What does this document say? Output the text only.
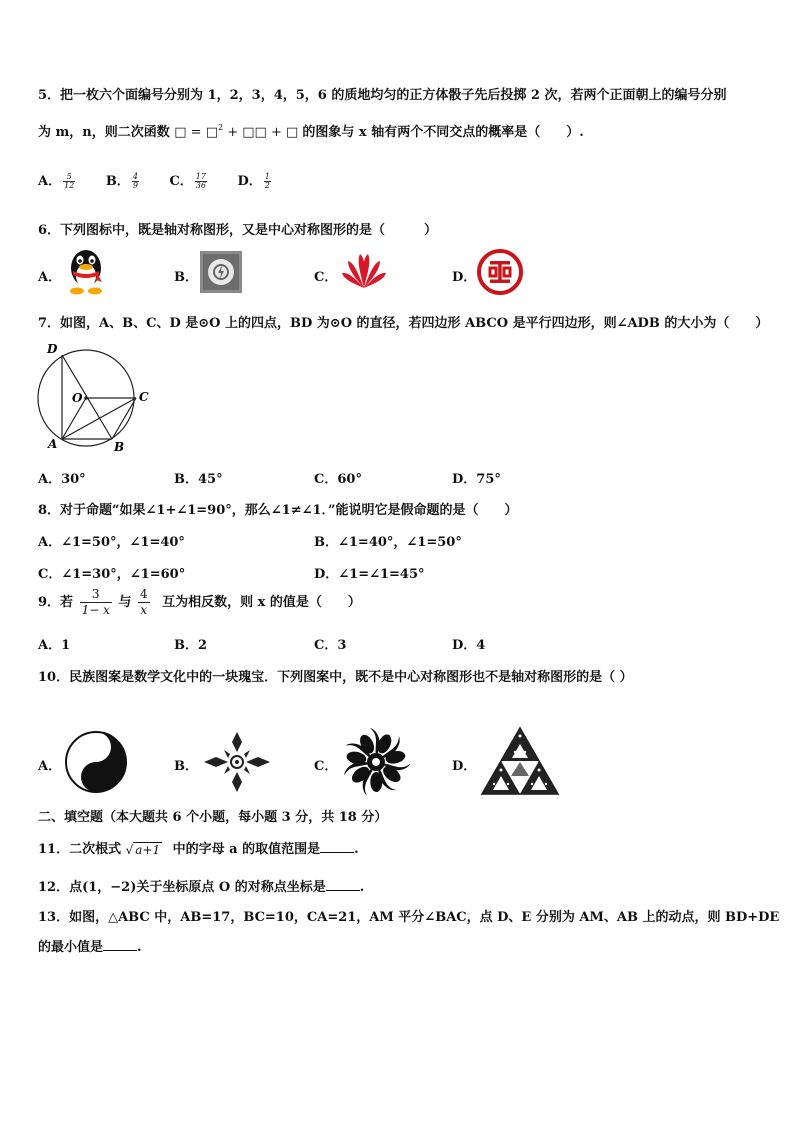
5．把一枚六个面编号分别为 1，2，3，4，5，6 的质地均匀的正方体骰子先后投掷 2 次，若两个正面朝上的编号分别
为 m，n，则二次函数 □ = □$^2$ + □□ + □ 的图象与 x 轴有两个不同交点的概率是（　　）.
A． $\frac{5}{12}$ B． $\frac{4}{9}$ C． $\frac{17}{36}$ D． $\frac{1}{2}$
6．下列图标中，既是轴对称图形，又是中心对称图形的是（　　　）
A．	B．	C．	D．
7．如图，A、B、C、D 是⊙O 上的四点，BD 为⊙O 的直径，若四边形 ABCO 是平行四边形，则∠ADB 的大小为（　　）
D
O	C
A	B
A．30°	B．45°	C．60°	D．75°
8．对于命题“如果∠1+∠1=90°，那么∠1≠∠1．”能说明它是假命题的是（　　）
A．∠1=50°，∠1=40°	B．∠1=40°，∠1=50°
C．∠1=30°，∠1=60°	D．∠1=∠1=45°
9．若 $\frac{3}{1- x}$ 与 $\frac{4}{x}$ 互为相反数，则 x 的值是（　　）
A．1	B．2	C．3	D．4
10．民族图案是数学文化中的一块瑰宝．下列图案中，既不是中心对称图形也不是轴对称图形的是（ ）
A．	B．	C．	D．
二、填空题（本大题共 6 个小题，每小题 3 分，共 18 分）
11．二次根式 √ a+1 中的字母 a 的取值范围是	.
12．点(1，−2)关于坐标原点 O 的对称点坐标是	.
13．如图，△ABC 中，AB=17，BC=10，CA=21，AM 平分∠BAC，点 D、E 分别为 AM、AB 上的动点，则 BD+DE
的最小值是	.
